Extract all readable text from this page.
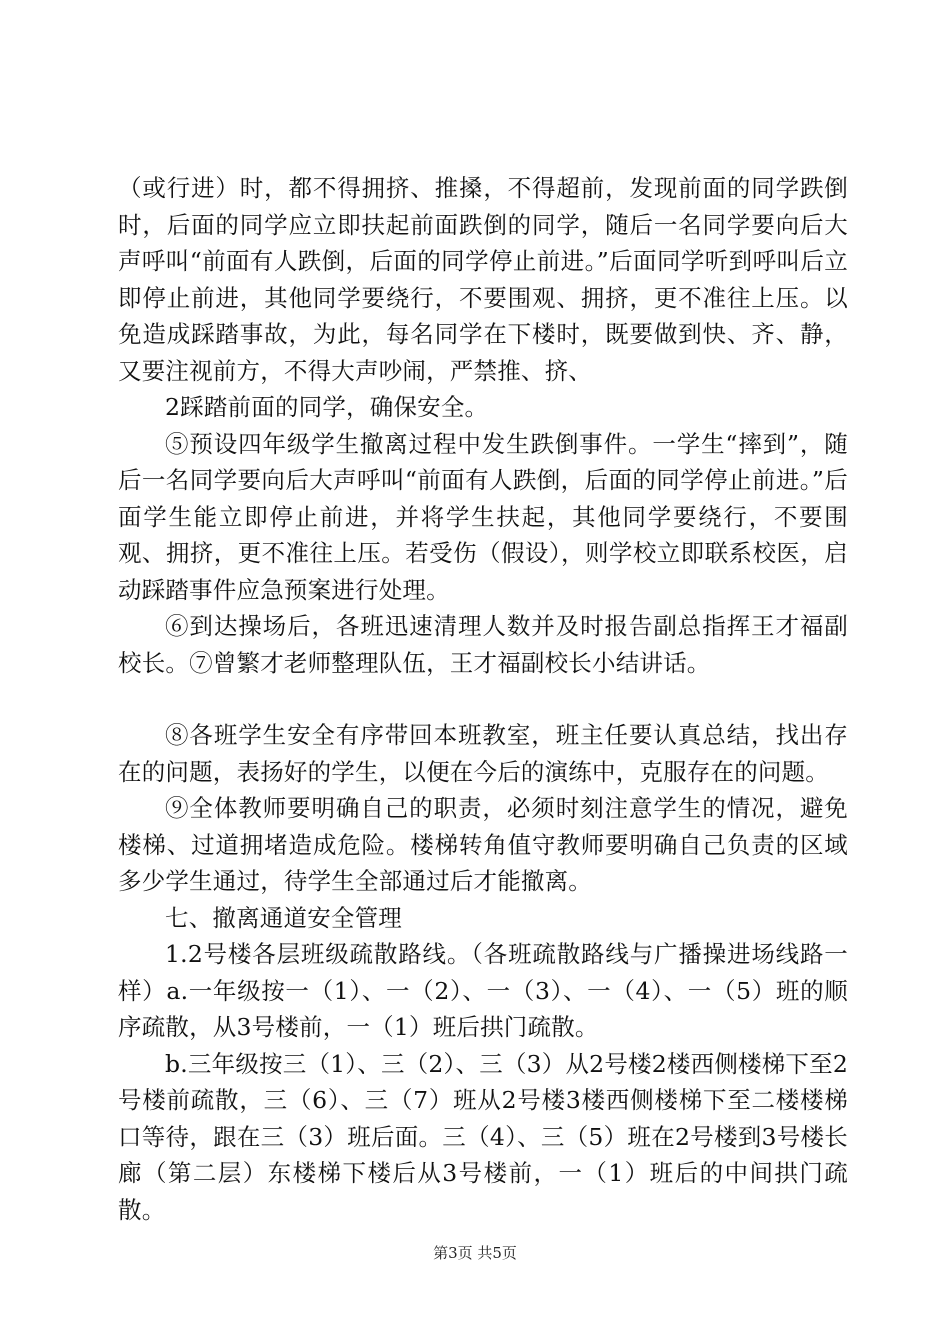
（或行进）时，都不得拥挤、推搡，不得超前，发现前面的同学跌倒时，后面的同学应立即扶起前面跌倒的同学，随后一名同学要向后大声呼叫“前面有人跌倒，后面的同学停止前进。”后面同学听到呼叫后立即停止前进，其他同学要绕行，不要围观、拥挤，更不准往上压。以免造成踩踏事故，为此，每名同学在下楼时，既要做到快、齐、静，又要注视前方，不得大声吵闹，严禁推、挤、

2踩踏前面的同学，确保安全。

⑤预设四年级学生撤离过程中发生跌倒事件。一学生“摔到”，随后一名同学要向后大声呼叫“前面有人跌倒，后面的同学停止前进。”后面学生能立即停止前进，并将学生扶起，其他同学要绕行，不要围观、拥挤，更不准往上压。若受伤（假设），则学校立即联系校医，启动踩踏事件应急预案进行处理。

⑥到达操场后，各班迅速清理人数并及时报告副总指挥王才福副校长。⑦曾繁才老师整理队伍，王才福副校长小结讲话。

⑧各班学生安全有序带回本班教室，班主任要认真总结，找出存在的问题，表扬好的学生，以便在今后的演练中，克服存在的问题。

⑨全体教师要明确自己的职责，必须时刻注意学生的情况，避免楼梯、过道拥堵造成危险。楼梯转角值守教师要明确自己负责的区域多少学生通过，待学生全部通过后才能撤离。

七、撤离通道安全管理

1.2号楼各层班级疏散路线。（各班疏散路线与广播操进场线路一样）a.一年级按一（1）、一（2）、一（3）、一（4）、一（5）班的顺序疏散，从3号楼前，一（1）班后拱门疏散。

b.三年级按三（1）、三（2）、三（3）从2号楼2楼西侧楼梯下至2号楼前疏散，三（6）、三（7）班从2号楼3楼西侧楼梯下至二楼楼梯口等待，跟在三（3）班后面。三（4）、三（5）班在2号楼到3号楼长廊（第二层）东楼梯下楼后从3号楼前，一（1）班后的中间拱门疏散。

第3页 共5页
